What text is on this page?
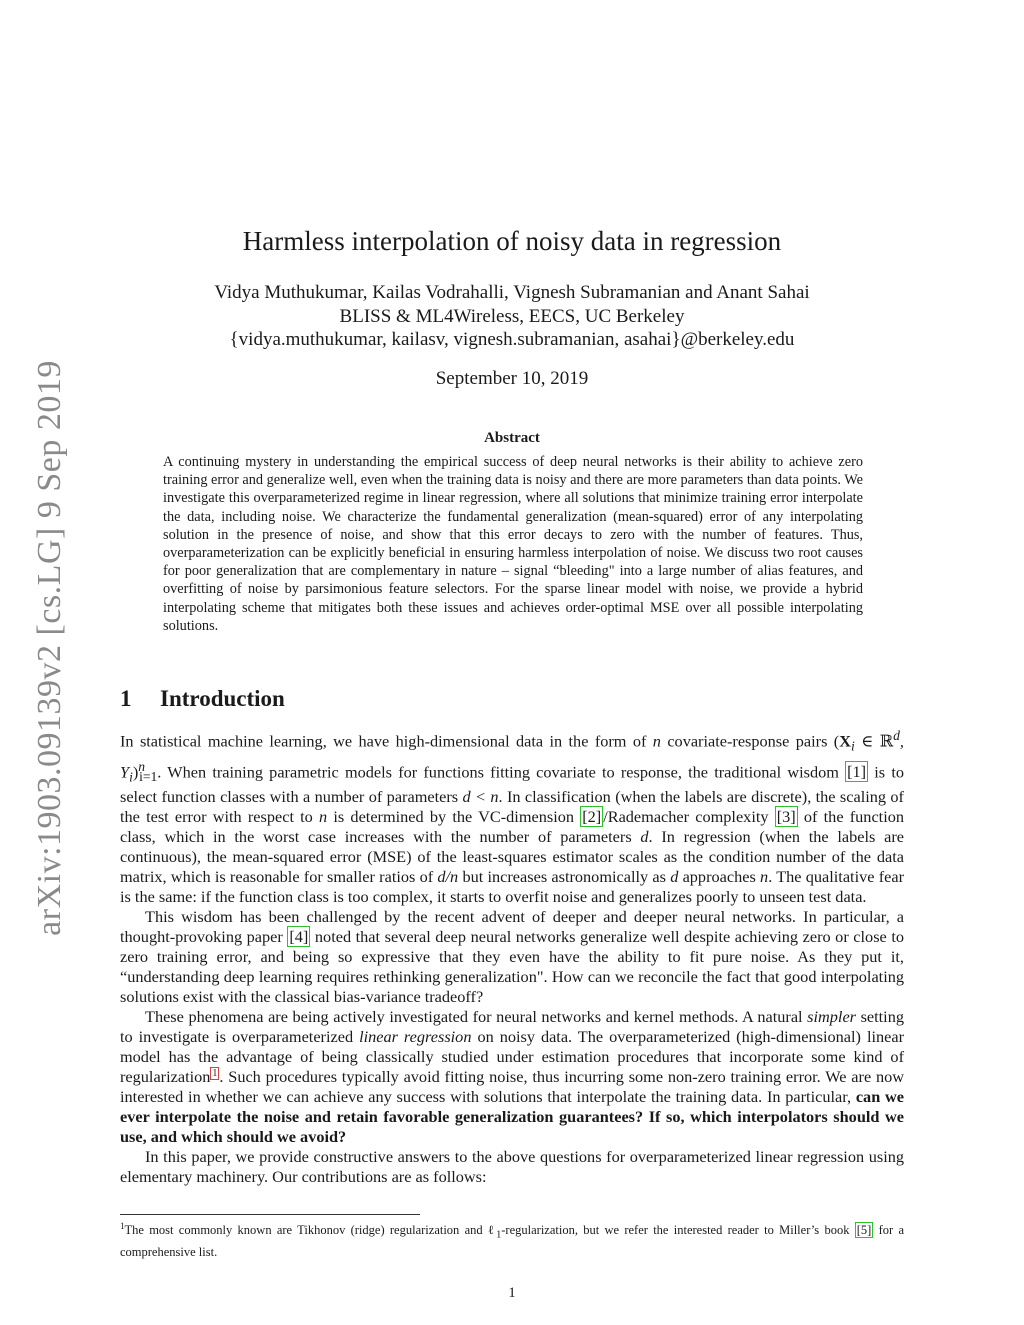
arXiv:1903.09139v2 [cs.LG] 9 Sep 2019
Harmless interpolation of noisy data in regression
Vidya Muthukumar, Kailas Vodrahalli, Vignesh Subramanian and Anant Sahai
BLISS & ML4Wireless, EECS, UC Berkeley
{vidya.muthukumar, kailasv, vignesh.subramanian, asahai}@berkeley.edu
September 10, 2019
Abstract

A continuing mystery in understanding the empirical success of deep neural networks is their ability to achieve zero training error and generalize well, even when the training data is noisy and there are more parameters than data points. We investigate this overparameterized regime in linear regression, where all solutions that minimize training error interpolate the data, including noise. We characterize the fundamental generalization (mean-squared) error of any interpolating solution in the presence of noise, and show that this error decays to zero with the number of features. Thus, overparameterization can be explicitly beneficial in ensuring harmless interpolation of noise. We discuss two root causes for poor generalization that are complementary in nature – signal “bleeding" into a large number of alias features, and overfitting of noise by parsimonious feature selectors. For the sparse linear model with noise, we provide a hybrid interpolating scheme that mitigates both these issues and achieves order-optimal MSE over all possible interpolating solutions.

1 Introduction

In statistical machine learning, we have high-dimensional data in the form of n covariate-response pairs ($X_i$ ∈ ℝ$^d$, $Y_i)^n_{i=1}$. When training parametric models for functions fitting covariate to response, the traditional wisdom [1] is to select function classes with a number of parameters d < n. In classification (when the labels are discrete), the scaling of the test error with respect to n is determined by the VC-dimension [2] /Rademacher complexity [3] of the function class, which in the worst case increases with the number of parameters d. In regression (when the labels are continuous), the mean-squared error (MSE) of the least-squares estimator scales as the condition number of the data matrix, which is reasonable for smaller ratios of d/n but increases astronomically as d approaches n. The qualitative fear is the same: if the function class is too complex, it starts to overfit noise and generalizes poorly to unseen test data.

This wisdom has been challenged by the recent advent of deeper and deeper neural networks. In particular, a thought-provoking paper [4] noted that several deep neural networks generalize well despite achieving zero or close to zero training error, and being so expressive that they even have the ability to fit pure noise. As they put it, “understanding deep learning requires rethinking generalization". How can we reconcile the fact that good interpolating solutions exist with the classical bias-variance tradeoff?

These phenomena are being actively investigated for neural networks and kernel methods. A natural simpler setting to investigate is overparameterized linear regression on noisy data. The overparameterized (high-dimensional) linear model has the advantage of being classically studied under estimation procedures that incorporate some kind of regularization $^1$ . Such procedures typically avoid fitting noise, thus incurring some non-zero training error. We are now interested in whether we can achieve any success with solutions that interpolate the training data. In particular, can we ever interpolate the noise and retain favorable generalization guarantees? If so, which interpolators should we use, and which should we avoid?

In this paper, we provide constructive answers to the above questions for overparameterized linear regression using elementary machinery. Our contributions are as follows:

$^1$The most commonly known are Tikhonov (ridge) regularization and ℓ$_1$-regularization, but we refer the interested reader to Miller’s book [5] for a comprehensive list.
1
